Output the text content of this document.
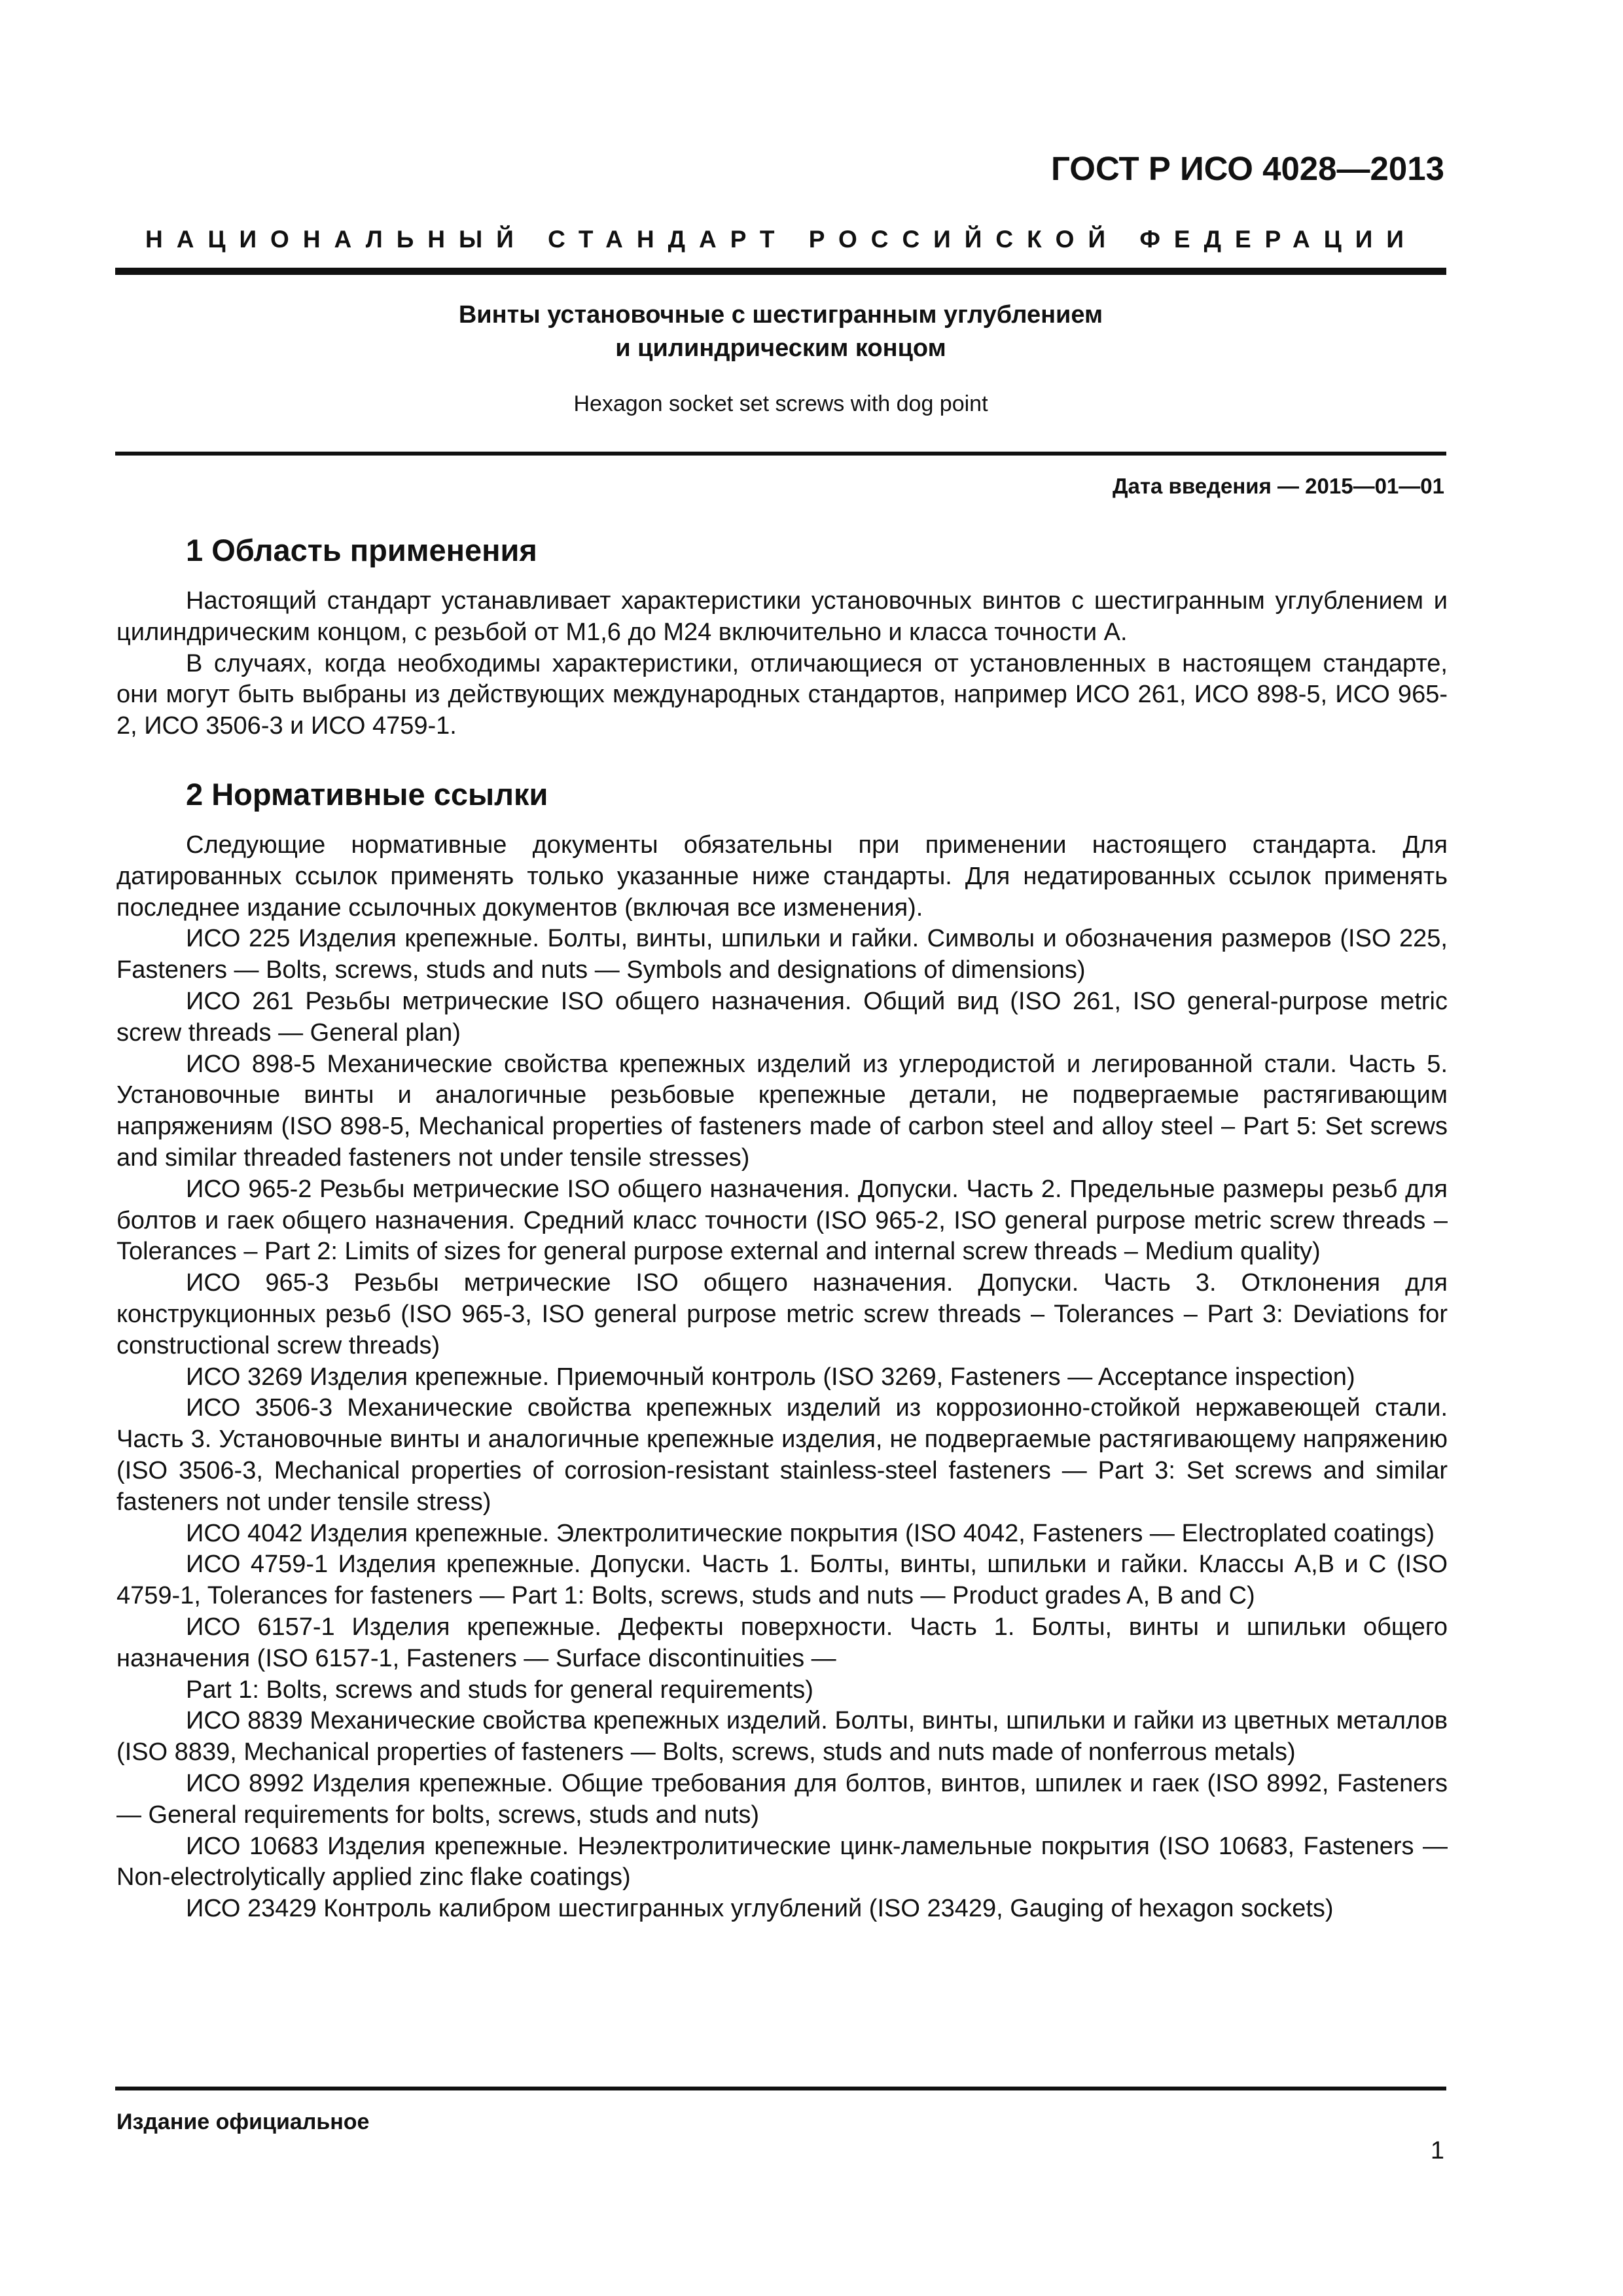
ГОСТ Р ИСО 4028—2013
НАЦИОНАЛЬНЫЙ СТАНДАРТ РОССИЙСКОЙ ФЕДЕРАЦИИ
Винты установочные с шестигранным углублением
и цилиндрическим концом
Hexagon socket set screws with dog point
Дата введения — 2015—01—01
1 Область применения

Настоящий стандарт устанавливает характеристики установочных винтов с шестигранным углублением и цилиндрическим концом, с резьбой от М1,6 до М24 включительно и класса точности А.

В случаях, когда необходимы характеристики, отличающиеся от установленных в настоящем стандарте, они могут быть выбраны из действующих международных стандартов, например ИСО 261, ИСО 898-5, ИСО 965-2, ИСО 3506-3 и ИСО 4759-1.

2 Нормативные ссылки

Следующие нормативные документы обязательны при применении настоящего стандарта. Для датированных ссылок применять только указанные ниже стандарты. Для недатированных ссылок применять последнее издание ссылочных документов (включая все изменения).

ИСО 225 Изделия крепежные. Болты, винты, шпильки и гайки. Символы и обозначения размеров (ISO 225, Fasteners — Bolts, screws, studs and nuts — Symbols and designations of dimensions)

ИСО 261 Резьбы метрические ISO общего назначения. Общий вид (ISO 261, ISO general-purpose metric screw threads — General plan)

ИСО 898-5 Механические свойства крепежных изделий из углеродистой и легированной стали. Часть 5. Установочные винты и аналогичные резьбовые крепежные детали, не подвергаемые растягивающим напряжениям (ISO 898-5, Mechanical properties of fasteners made of carbon steel and alloy steel – Part 5: Set screws and similar threaded fasteners not under tensile stresses)

ИСО 965-2 Резьбы метрические ISO общего назначения. Допуски. Часть 2. Предельные размеры резьб для болтов и гаек общего назначения. Средний класс точности (ISO 965-2, ISO general purpose metric screw threads – Tolerances – Part 2: Limits of sizes for general purpose external and internal screw threads – Medium quality)

ИСО 965-3 Резьбы метрические ISO общего назначения. Допуски. Часть 3. Отклонения для конструкционных резьб (ISO 965-3, ISO general purpose metric screw threads – Tolerances – Part 3: Deviations for constructional screw threads)

ИСО 3269 Изделия крепежные. Приемочный контроль (ISO 3269, Fasteners — Acceptance inspection)

ИСО 3506-3 Механические свойства крепежных изделий из коррозионно-стойкой нержавеющей стали. Часть 3. Установочные винты и аналогичные крепежные изделия, не подвергаемые растягивающему напряжению (ISO 3506-3, Mechanical properties of corrosion-resistant stainless-steel fasteners — Part 3: Set screws and similar fasteners not under tensile stress)

ИСО 4042 Изделия крепежные. Электролитические покрытия (ISO 4042, Fasteners — Electroplated coatings)

ИСО 4759-1 Изделия крепежные. Допуски. Часть 1. Болты, винты, шпильки и гайки. Классы А,В и С (ISO 4759-1, Tolerances for fasteners — Part 1: Bolts, screws, studs and nuts — Product grades A, B and C)

ИСО 6157-1 Изделия крепежные. Дефекты поверхности. Часть 1. Болты, винты и шпильки общего назначения (ISO 6157-1, Fasteners — Surface discontinuities —

Part 1: Bolts, screws and studs for general requirements)

ИСО 8839 Механические свойства крепежных изделий. Болты, винты, шпильки и гайки из цветных металлов (ISO 8839, Mechanical properties of fasteners — Bolts, screws, studs and nuts made of nonferrous metals)

ИСО 8992 Изделия крепежные. Общие требования для болтов, винтов, шпилек и гаек (ISO 8992, Fasteners — General requirements for bolts, screws, studs and nuts)

ИСО 10683 Изделия крепежные. Неэлектролитические цинк-ламельные покрытия (ISO 10683, Fasteners — Non-electrolytically applied zinc flake coatings)

ИСО 23429 Контроль калибром шестигранных углублений (ISO 23429, Gauging of hexagon sockets)

Издание официальное
1
